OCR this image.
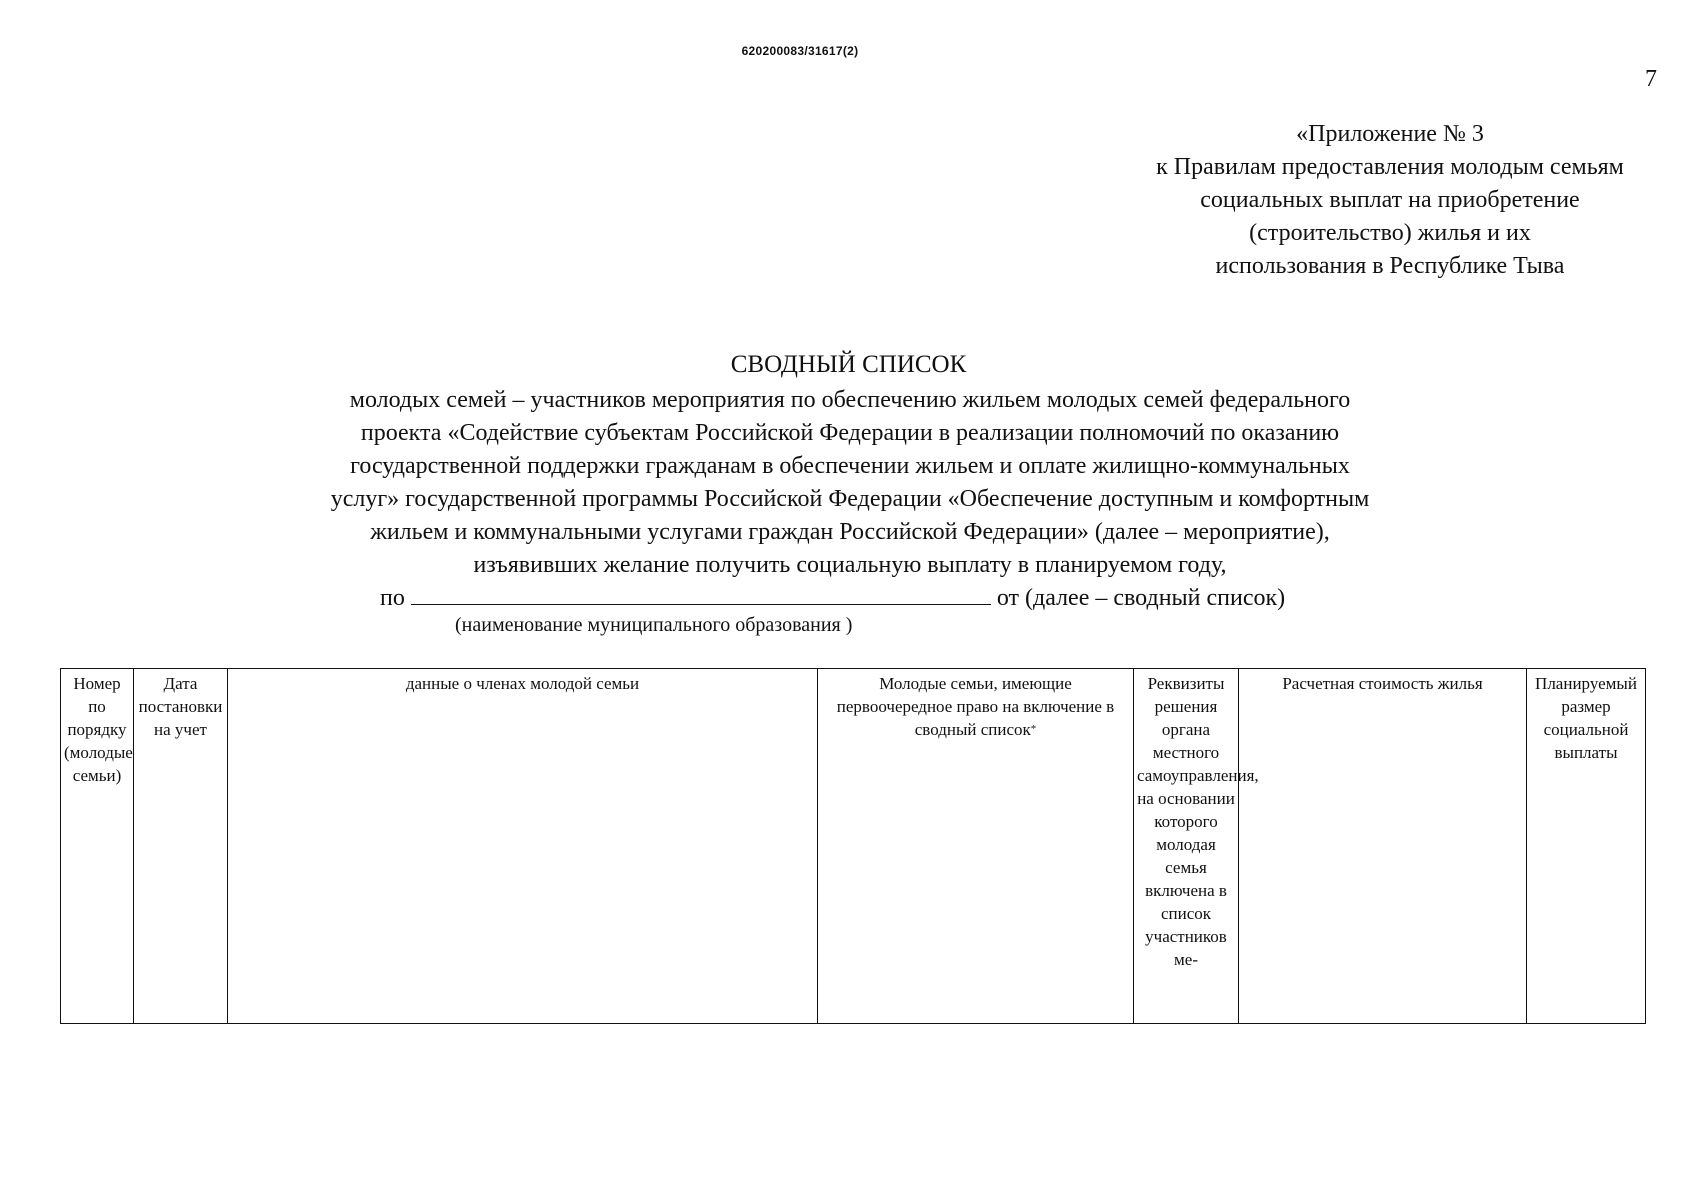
620200083/31617(2)
7
«Приложение № 3
к Правилам предоставления молодым семьям
социальных выплат на приобретение
(строительство) жилья и их
использования в Республике Тыва
СВОДНЫЙ СПИСОК
молодых семей – участников мероприятия по обеспечению жильем молодых семей федерального
проекта «Содействие субъектам Российской Федерации в реализации полномочий по оказанию
государственной поддержки гражданам в обеспечении жильем и оплате жилищно-коммунальных
услуг» государственной программы Российской Федерации «Обеспечение доступным и комфортным
жильем и коммунальными услугами граждан Российской Федерации» (далее – мероприятие),
изъявивших желание получить социальную выплату в планируемом году,
по	от (далее – сводный список)
(наименование муниципального образования )
Номер по порядку (молодые семьи)	Дата постановки на учет	данные о членах молодой семьи	Молодые семьи, имеющие первоочередное право на включение в сводный список*	Реквизиты решения органа местного самоуправления, на основании которого молодая семья включена в список участников ме-	Расчетная стоимость жилья	Планируемый размер социальной выплаты
